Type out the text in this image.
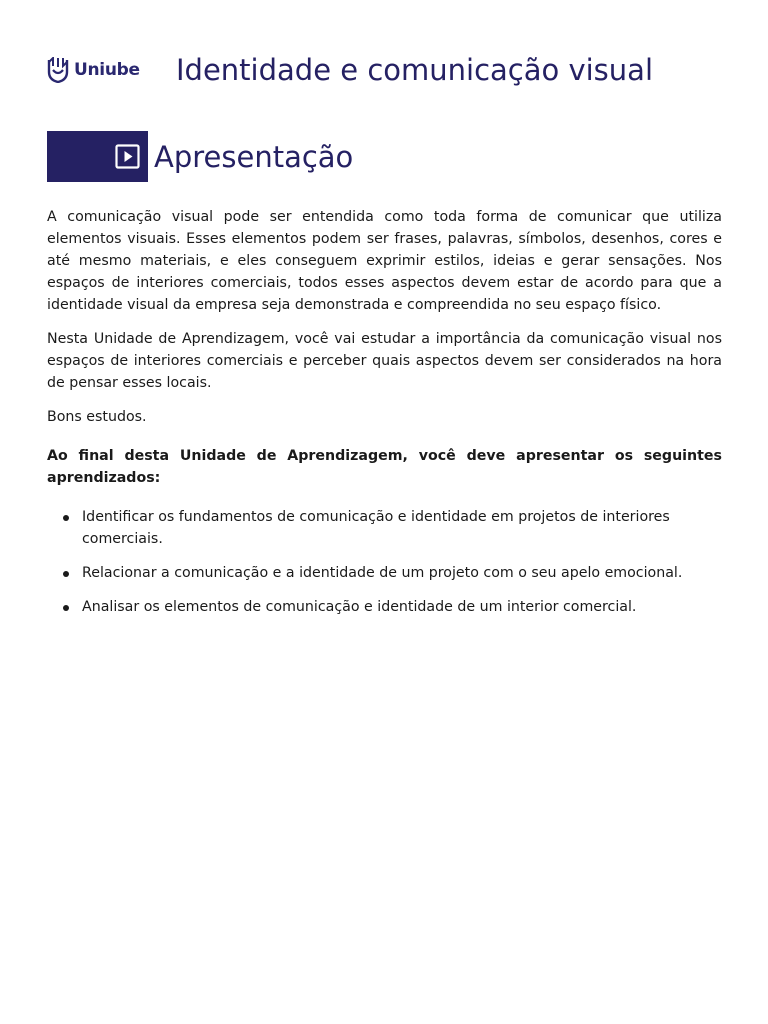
Uniube Identidade e comunicação visual
Apresentação

A comunicação visual pode ser entendida como toda forma de comunicar que utiliza elementos visuais. Esses elementos podem ser frases, palavras, símbolos, desenhos, cores e até mesmo materiais, e eles conseguem exprimir estilos, ideias e gerar sensações. Nos espaços de interiores comerciais, todos esses aspectos devem estar de acordo para que a identidade visual da empresa seja demonstrada e compreendida no seu espaço físico.

Nesta Unidade de Aprendizagem, você vai estudar a importância da comunicação visual nos espaços de interiores comerciais e perceber quais aspectos devem ser considerados na hora de pensar esses locais.

Bons estudos.

Ao final desta Unidade de Aprendizagem, você deve apresentar os seguintes aprendizados:

Identificar os fundamentos de comunicação e identidade em projetos de interiores comerciais.
Relacionar a comunicação e a identidade de um projeto com o seu apelo emocional.
Analisar os elementos de comunicação e identidade de um interior comercial.
